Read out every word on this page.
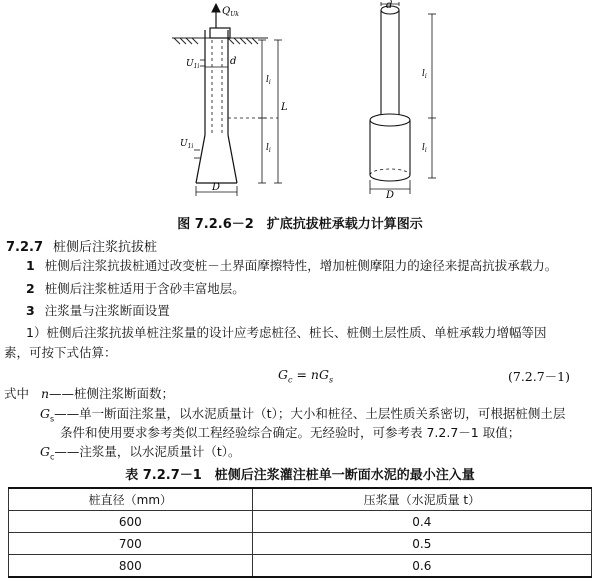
$Q_{Uk}$
$U_{1i}$	d
$l_i$
L
$U_{1i}$	$l_i$
D
d
$l_i$
$l_i$
D
图 7.2.6－2　扩底抗拔桩承载力计算图示
7.2.7 桩侧后注浆抗拔桩
1 桩侧后注浆抗拔桩通过改变桩－土界面摩擦特性，增加桩侧摩阻力的途径来提高抗拔承载力。
2 桩侧后注浆桩适用于含砂丰富地层。
3 注浆量与注浆断面设置
1）桩侧后注浆抗拔单桩注浆量的设计应考虑桩径、桩长、桩侧土层性质、单桩承载力增幅等因
素，可按下式估算：
$G_c = nG_s$	(7.2.7－1)
式中 n——桩侧注浆断面数；
$G_s——$单一断面注浆量，以水泥质量计（t）；大小和桩径、土层性质关系密切，可根据桩侧土层
条件和使用要求参考类似工程经验综合确定。无经验时，可参考表 7.2.7－1 取值；
$G_c——$注浆量，以水泥质量计（t）。
表 7.2.7－1　桩侧后注浆灌注桩单一断面水泥的最小注入量
桩直径（mm）	压浆量（水泥质量 t）
600	0.4
700	0.5
800	0.6
